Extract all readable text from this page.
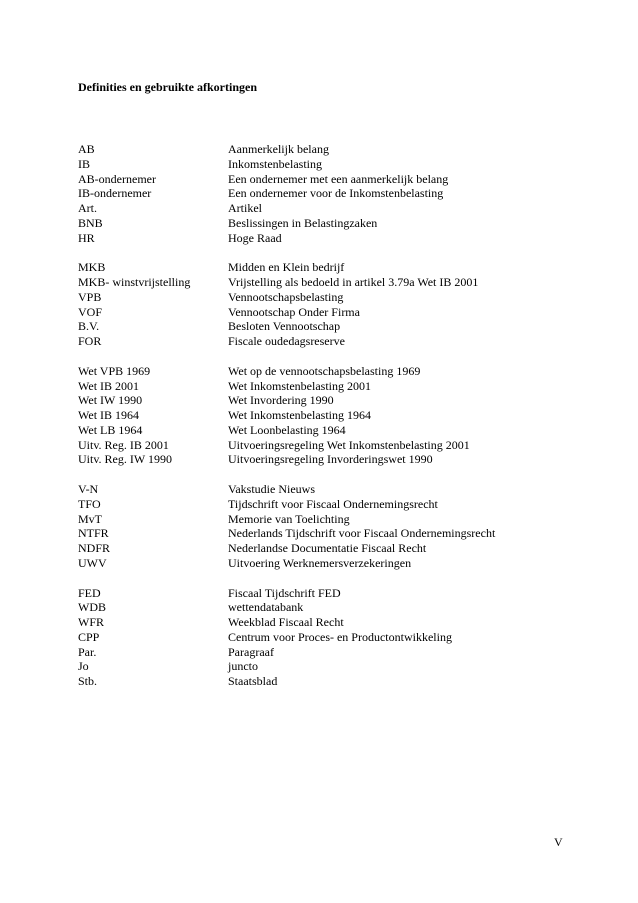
Definities en gebruikte afkortingen
AB	Aanmerkelijk belang
IB	Inkomstenbelasting
AB-ondernemer	Een ondernemer met een aanmerkelijk belang
IB-ondernemer	Een ondernemer voor de Inkomstenbelasting
Art.	Artikel
BNB	Beslissingen in Belastingzaken
HR	Hoge Raad
MKB	Midden en Klein bedrijf
MKB- winstvrijstelling	Vrijstelling als bedoeld in artikel 3.79a Wet IB 2001
VPB	Vennootschapsbelasting
VOF	Vennootschap Onder Firma
B.V.	Besloten Vennootschap
FOR	Fiscale oudedagsreserve
Wet VPB 1969	Wet op de vennootschapsbelasting 1969
Wet IB 2001	Wet Inkomstenbelasting 2001
Wet IW 1990	Wet Invordering 1990
Wet IB 1964	Wet Inkomstenbelasting 1964
Wet LB 1964	Wet Loonbelasting 1964
Uitv. Reg. IB 2001	Uitvoeringsregeling Wet Inkomstenbelasting 2001
Uitv. Reg. IW 1990	Uitvoeringsregeling Invorderingswet 1990
V-N	Vakstudie Nieuws
TFO	Tijdschrift voor Fiscaal Ondernemingsrecht
MvT	Memorie van Toelichting
NTFR	Nederlands Tijdschrift voor Fiscaal Ondernemingsrecht
NDFR	Nederlandse Documentatie Fiscaal Recht
UWV	Uitvoering Werknemersverzekeringen
FED	Fiscaal Tijdschrift FED
WDB	wettendatabank
WFR	Weekblad Fiscaal Recht
CPP	Centrum voor Proces- en Productontwikkeling
Par.	Paragraaf
Jo	juncto
Stb.	Staatsblad
V
